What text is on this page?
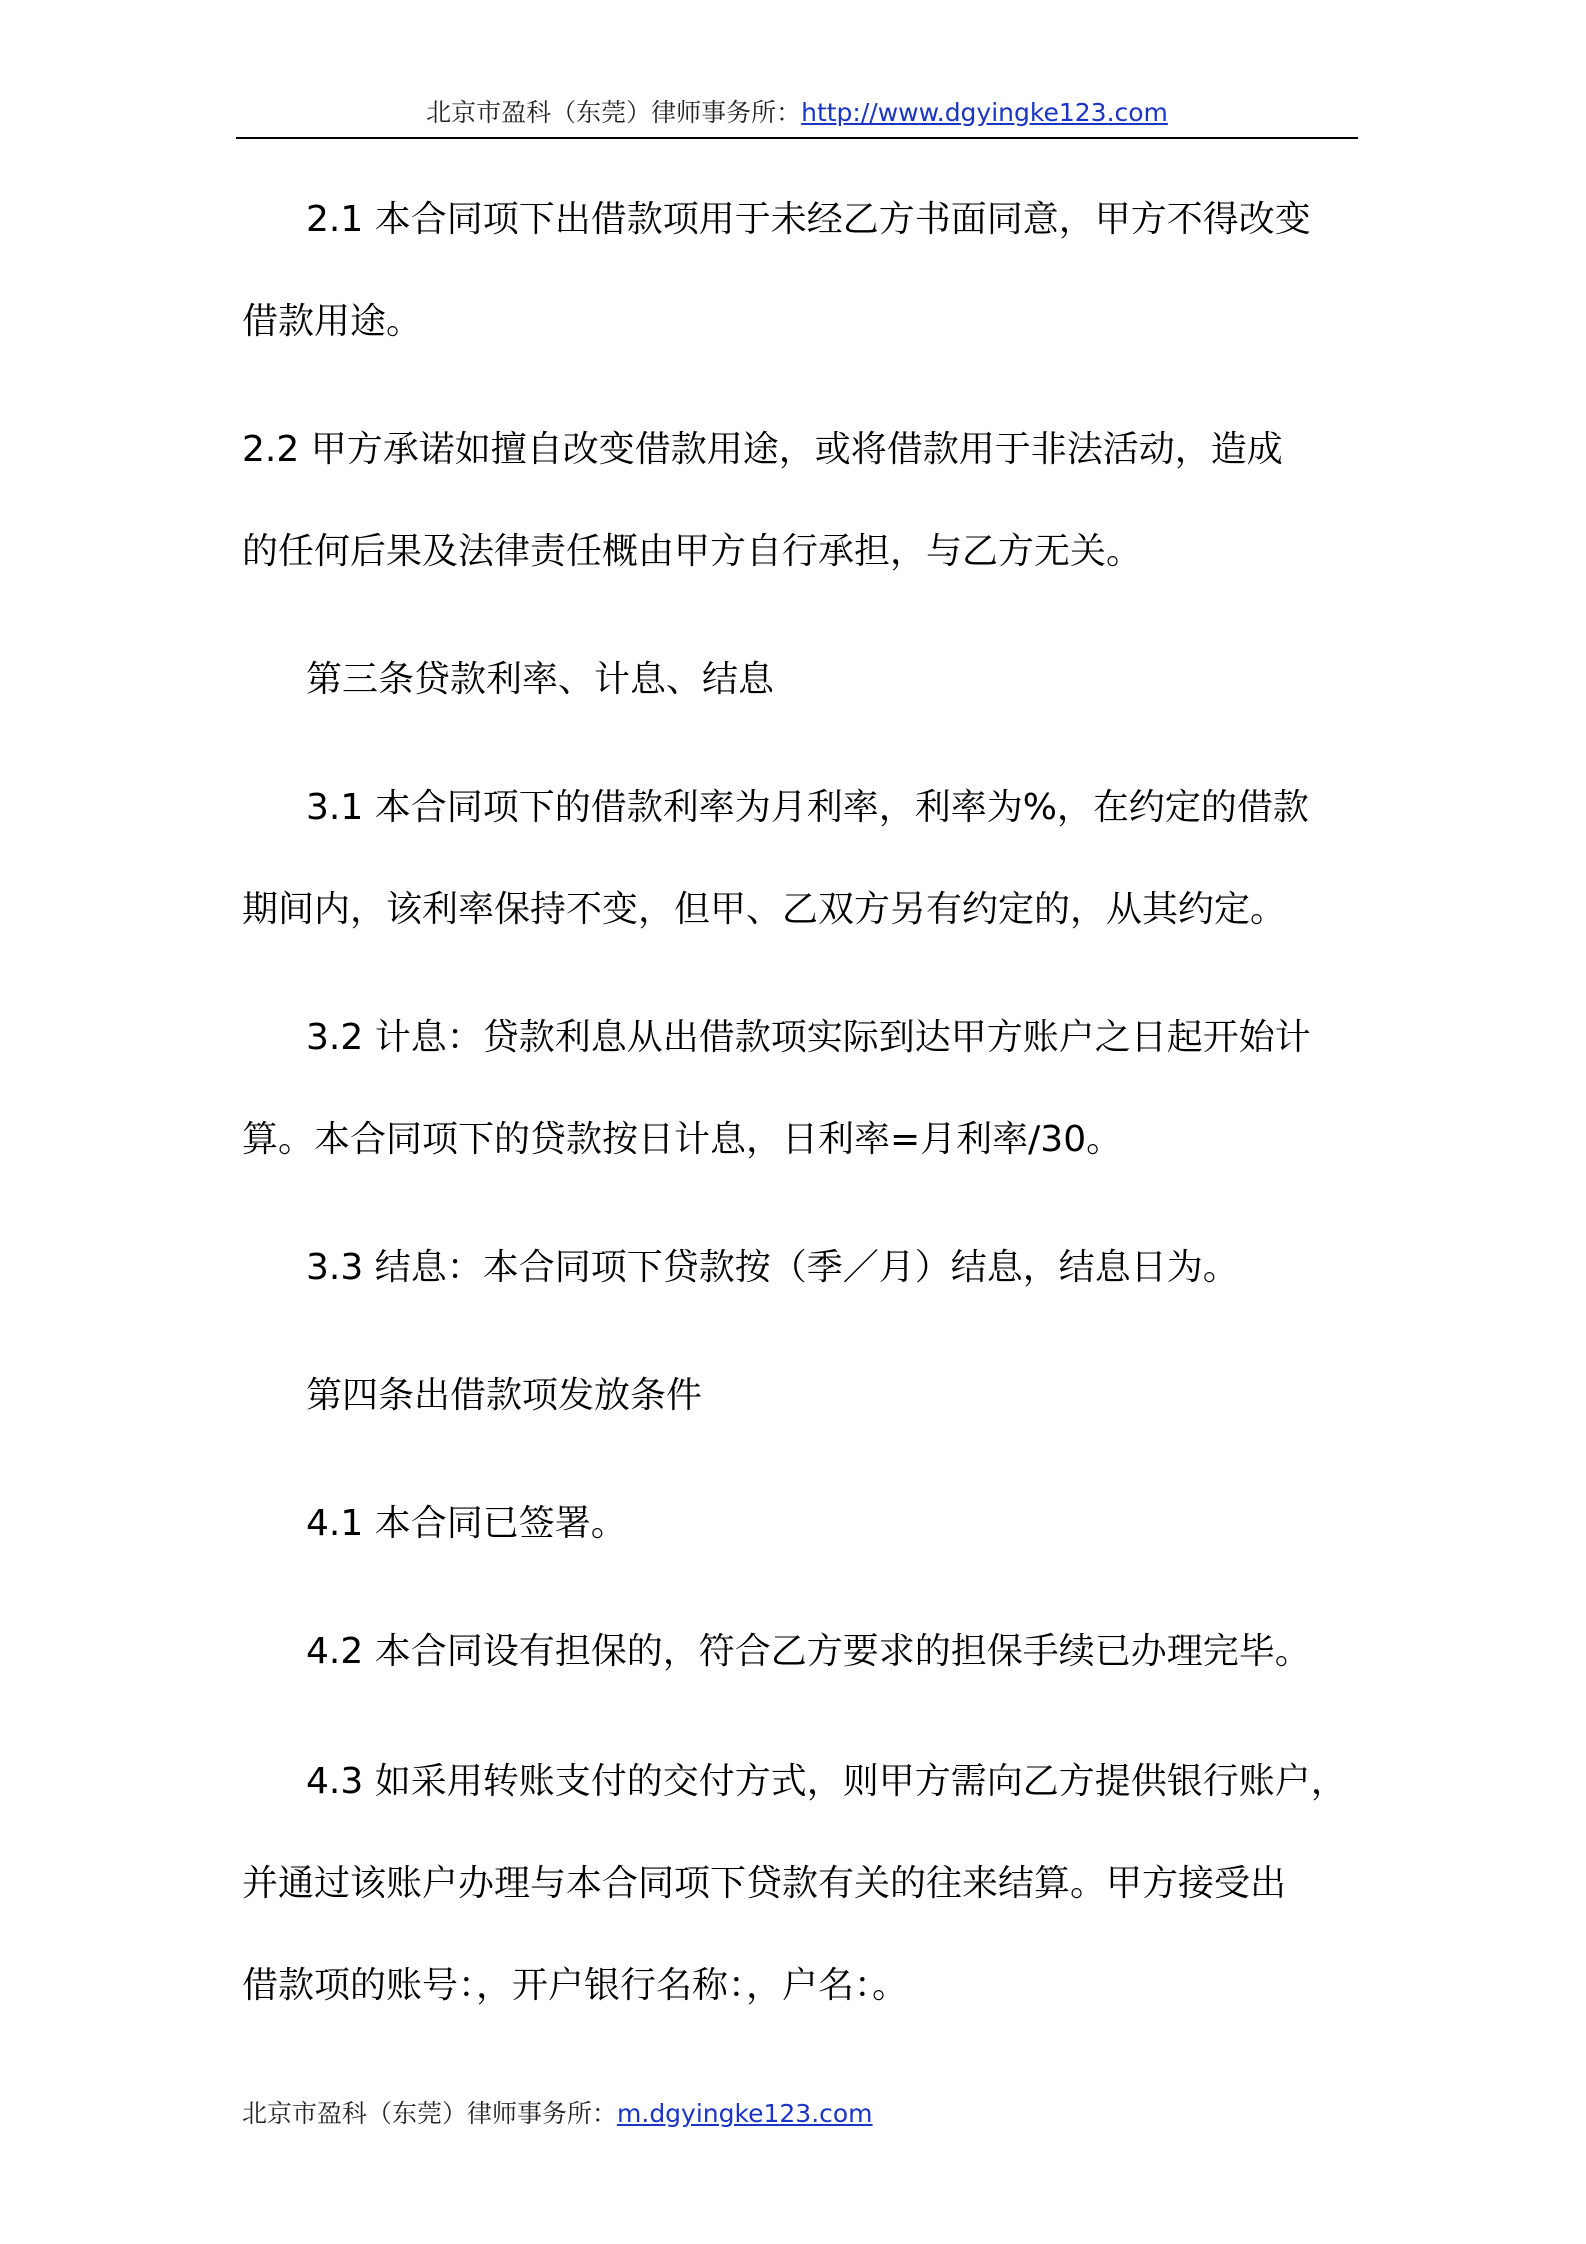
北京市盈科（东莞）律师事务所：http://www.dgyingke123.com
2.1 本合同项下出借款项用于未经乙方书面同意，甲方不得改变
借款用途。
2.2 甲方承诺如擅自改变借款用途，或将借款用于非法活动，造成
的任何后果及法律责任概由甲方自行承担，与乙方无关。
第三条贷款利率、计息、结息
3.1 本合同项下的借款利率为月利率，利率为%，在约定的借款
期间内，该利率保持不变，但甲、乙双方另有约定的，从其约定。
3.2 计息：贷款利息从出借款项实际到达甲方账户之日起开始计
算。本合同项下的贷款按日计息，日利率=月利率/30。
3.3 结息：本合同项下贷款按（季／月）结息，结息日为。
第四条出借款项发放条件
4.1 本合同已签署。
4.2 本合同设有担保的，符合乙方要求的担保手续已办理完毕。
4.3 如采用转账支付的交付方式，则甲方需向乙方提供银行账户，
并通过该账户办理与本合同项下贷款有关的往来结算。甲方接受出
借款项的账号：，开户银行名称：，户名：。
北京市盈科（东莞）律师事务所：m.dgyingke123.com
